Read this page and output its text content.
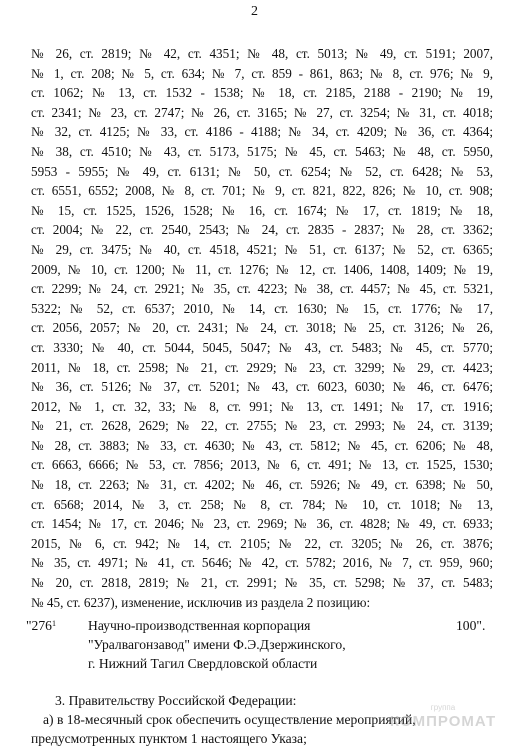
2
№ 26, ст. 2819; № 42, ст. 4351; № 48, ст. 5013; № 49, ст. 5191; 2007,
№ 1, ст. 208; № 5, ст. 634; № 7, ст. 859 - 861, 863; № 8, ст. 976; № 9,
ст. 1062; № 13, ст. 1532 - 1538; № 18, ст. 2185, 2188 - 2190; № 19,
ст. 2341; № 23, ст. 2747; № 26, ст. 3165; № 27, ст. 3254; № 31, ст. 4018;
№ 32, ст. 4125; № 33, ст. 4186 - 4188; № 34, ст. 4209; № 36, ст. 4364;
№ 38, ст. 4510; № 43, ст. 5173, 5175; № 45, ст. 5463; № 48, ст. 5950,
5953 - 5955; № 49, ст. 6131; № 50, ст. 6254; № 52, ст. 6428; № 53,
ст. 6551, 6552; 2008, № 8, ст. 701; № 9, ст. 821, 822, 826; № 10, ст. 908;
№ 15, ст. 1525, 1526, 1528; № 16, ст. 1674; № 17, ст. 1819; № 18,
ст. 2004; № 22, ст. 2540, 2543; № 24, ст. 2835 - 2837; № 28, ст. 3362;
№ 29, ст. 3475; № 40, ст. 4518, 4521; № 51, ст. 6137; № 52, ст. 6365;
2009, № 10, ст. 1200; № 11, ст. 1276; № 12, ст. 1406, 1408, 1409; № 19,
ст. 2299; № 24, ст. 2921; № 35, ст. 4223; № 38, ст. 4457; № 45, ст. 5321,
5322; № 52, ст. 6537; 2010, № 14, ст. 1630; № 15, ст. 1776; № 17,
ст. 2056, 2057; № 20, ст. 2431; № 24, ст. 3018; № 25, ст. 3126; № 26,
ст. 3330; № 40, ст. 5044, 5045, 5047; № 43, ст. 5483; № 45, ст. 5770;
2011, № 18, ст. 2598; № 21, ст. 2929; № 23, ст. 3299; № 29, ст. 4423;
№ 36, ст. 5126; № 37, ст. 5201; № 43, ст. 6023, 6030; № 46, ст. 6476;
2012, № 1, ст. 32, 33; № 8, ст. 991; № 13, ст. 1491; № 17, ст. 1916;
№ 21, ст. 2628, 2629; № 22, ст. 2755; № 23, ст. 2993; № 24, ст. 3139;
№ 28, ст. 3883; № 33, ст. 4630; № 43, ст. 5812; № 45, ст. 6206; № 48,
ст. 6663, 6666; № 53, ст. 7856; 2013, № 6, ст. 491; № 13, ст. 1525, 1530;
№ 18, ст. 2263; № 31, ст. 4202; № 46, ст. 5926; № 49, ст. 6398; № 50,
ст. 6568; 2014, № 3, ст. 258; № 8, ст. 784; № 10, ст. 1018; № 13,
ст. 1454; № 17, ст. 2046; № 23, ст. 2969; № 36, ст. 4828; № 49, ст. 6933;
2015, № 6, ст. 942; № 14, ст. 2105; № 22, ст. 3205; № 26, ст. 3876;
№ 35, ст. 4971; № 41, ст. 5646; № 42, ст. 5782; 2016, № 7, ст. 959, 960;
№ 20, ст. 2818, 2819; № 21, ст. 2991; № 35, ст. 5298; № 37, ст. 5483;
№ 45, ст. 6237), изменение, исключив из раздела 2 позицию:
"$276^1$ Научно-производственная корпорация
"Уралвагонзавод" имени Ф.Э.Дзержинского,
г. Нижний Тагил Свердловской области
100".
3. Правительству Российской Федерации:
а) в 18-месячный срок обеспечить осуществление мероприятий,
предусмотренных пунктом 1 настоящего Указа;
группа
КОМПРОМАТ
